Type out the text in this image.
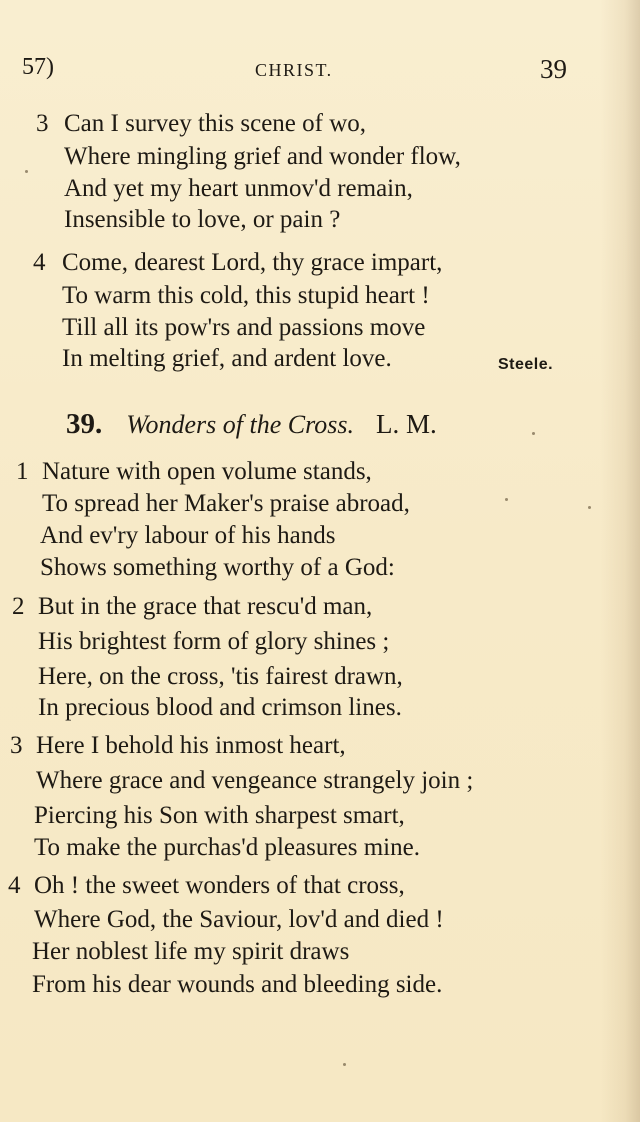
57)	CHRIST.	39
3 Can I survey this scene of wo,
Where mingling grief and wonder flow,
And yet my heart unmov'd remain,
Insensible to love, or pain ?
4 Come, dearest Lord, thy grace impart,
To warm this cold, this stupid heart !
Till all its pow'rs and passions move
In melting grief, and ardent love.	Steele.
39. Wonders of the Cross. L. M.
1 Nature with open volume stands,
To spread her Maker's praise abroad,
And ev'ry labour of his hands
Shows something worthy of a God:
2 But in the grace that rescu'd man,
His brightest form of glory shines ;
Here, on the cross, 'tis fairest drawn,
In precious blood and crimson lines.
3 Here I behold his inmost heart,
Where grace and vengeance strangely join ;
Piercing his Son with sharpest smart,
To make the purchas'd pleasures mine.
4 Oh ! the sweet wonders of that cross,
Where God, the Saviour, lov'd and died !
Her noblest life my spirit draws
From his dear wounds and bleeding side.
